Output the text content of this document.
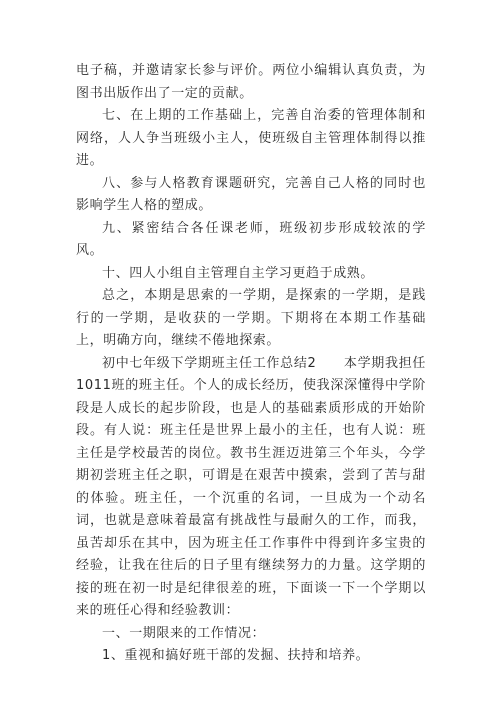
电子稿，并邀请家长参与评价。两位小编辑认真负责，为图书出版作出了一定的贡献。

七、在上期的工作基础上，完善自治委的管理体制和网络，人人争当班级小主人，使班级自主管理体制得以推进。

八、参与人格教育课题研究，完善自己人格的同时也影响学生人格的塑成。

九、紧密结合各任课老师，班级初步形成较浓的学风。

十、四人小组自主管理自主学习更趋于成熟。

总之，本期是思索的一学期，是探索的一学期，是践行的一学期，是收获的一学期。下期将在本期工作基础上，明确方向，继续不倦地探索。

初中七年级下学期班主任工作总结2　　本学期我担任1011班的班主任。个人的成长经历，使我深深懂得中学阶段是人成长的起步阶段，也是人的基础素质形成的开始阶段。有人说：班主任是世界上最小的主任，也有人说：班主任是学校最苦的岗位。教书生涯迈进第三个年头，今学期初尝班主任之职，可谓是在艰苦中摸索，尝到了苦与甜的体验。班主任，一个沉重的名词，一旦成为一个动名词，也就是意味着最富有挑战性与最耐久的工作，而我，虽苦却乐在其中，因为班主任工作事件中得到许多宝贵的经验，让我在往后的日子里有继续努力的力量。这学期的接的班在初一时是纪律很差的班，下面谈一下一个学期以来的班任心得和经验教训：

一、一期限来的工作情况：

1、重视和搞好班干部的发掘、扶持和培养。
